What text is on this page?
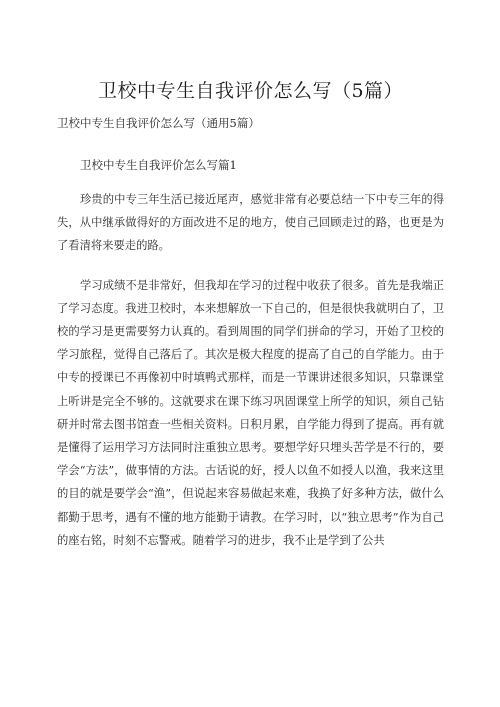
卫校中专生自我评价怎么写（5篇）
卫校中专生自我评价怎么写（通用5篇）
卫校中专生自我评价怎么写篇1

珍贵的中专三年生活已接近尾声，感觉非常有必要总结一下中专三年的得失，从中继承做得好的方面改进不足的地方，使自己回顾走过的路，也更是为了看清将来要走的路。

学习成绩不是非常好，但我却在学习的过程中收获了很多。首先是我端正了学习态度。我进卫校时，本来想解放一下自己的，但是很快我就明白了，卫校的学习是更需要努力认真的。看到周围的同学们拼命的学习，开始了卫校的学习旅程，觉得自己落后了。其次是极大程度的提高了自己的自学能力。由于中专的授课已不再像初中时填鸭式那样，而是一节课讲述很多知识，只靠课堂上听讲是完全不够的。这就要求在课下练习巩固课堂上所学的知识，须自己钻研并时常去图书馆查一些相关资料。日积月累，自学能力得到了提高。再有就是懂得了运用学习方法同时注重独立思考。要想学好只埋头苦学是不行的，要学会“方法”，做事情的方法。古话说的好，授人以鱼不如授人以渔，我来这里的目的就是要学会“渔”，但说起来容易做起来难，我换了好多种方法，做什么都勤于思考，遇有不懂的地方能勤于请教。在学习时，以“独立思考”作为自己的座右铭，时刻不忘警戒。随着学习的进步，我不止是学到了公共
